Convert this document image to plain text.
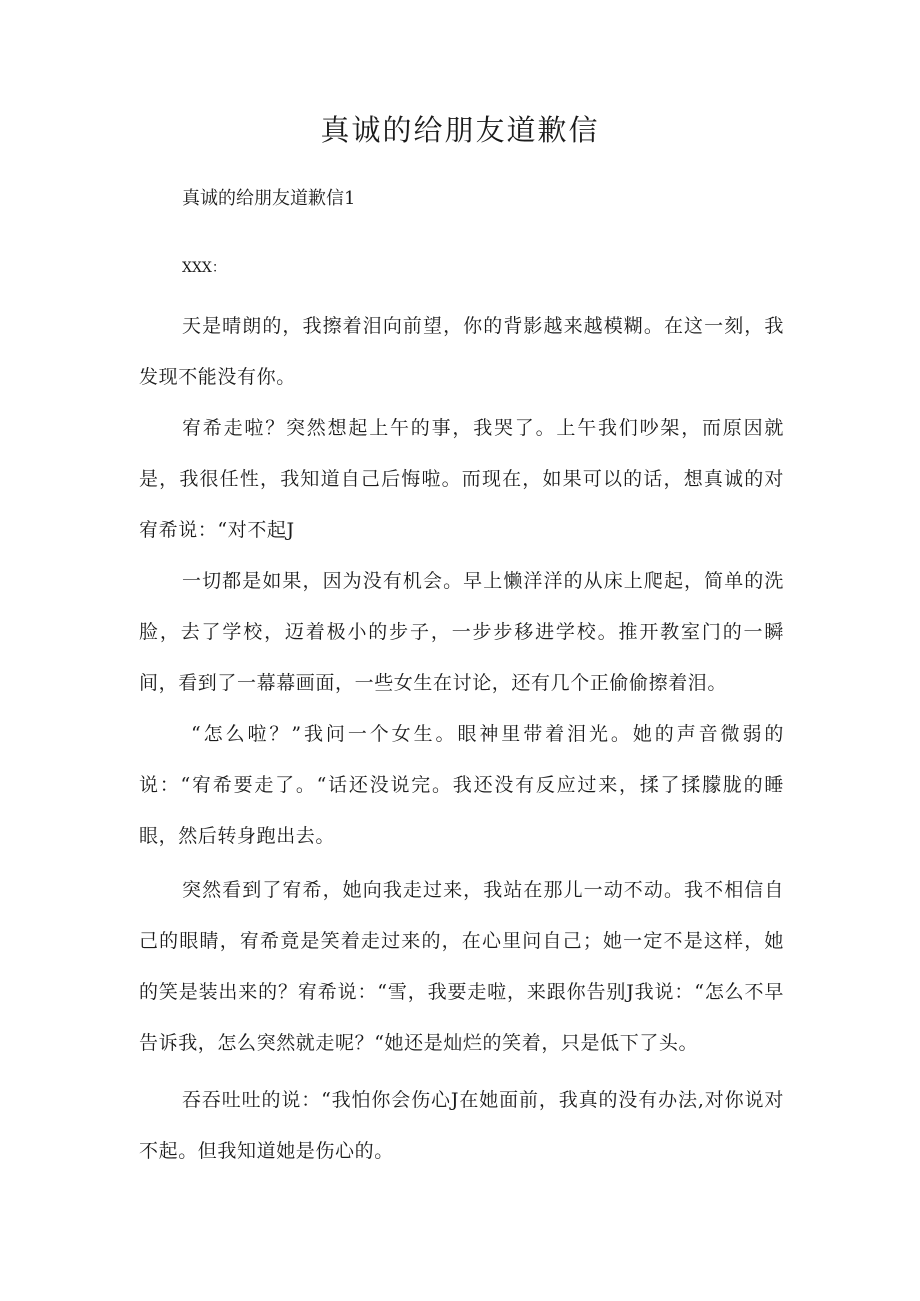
真诚的给朋友道歉信

真诚的给朋友道歉信1

XXX：

天是晴朗的，我擦着泪向前望，你的背影越来越模糊。在这一刻，我发现不能没有你。

宥希走啦？突然想起上午的事，我哭了。上午我们吵架，而原因就是，我很任性，我知道自己后悔啦。而现在，如果可以的话，想真诚的对宥希说：“对不起J

一切都是如果，因为没有机会。早上懒洋洋的从床上爬起，简单的洗脸，去了学校，迈着极小的步子，一步步移进学校。推开教室门的一瞬间，看到了一幕幕画面，一些女生在讨论，还有几个正偷偷擦着泪。

“怎么啦？”我问一个女生。眼神里带着泪光。她的声音微弱的说：“宥希要走了。“话还没说完。我还没有反应过来，揉了揉朦胧的睡眼，然后转身跑出去。

突然看到了宥希，她向我走过来，我站在那儿一动不动。我不相信自己的眼睛，宥希竟是笑着走过来的，在心里问自己；她一定不是这样，她的笑是装出来的？宥希说：“雪，我要走啦，来跟你告别J我说：“怎么不早告诉我，怎么突然就走呢？“她还是灿烂的笑着，只是低下了头。

吞吞吐吐的说：“我怕你会伤心J在她面前，我真的没有办法,对你说对不起。但我知道她是伤心的。
